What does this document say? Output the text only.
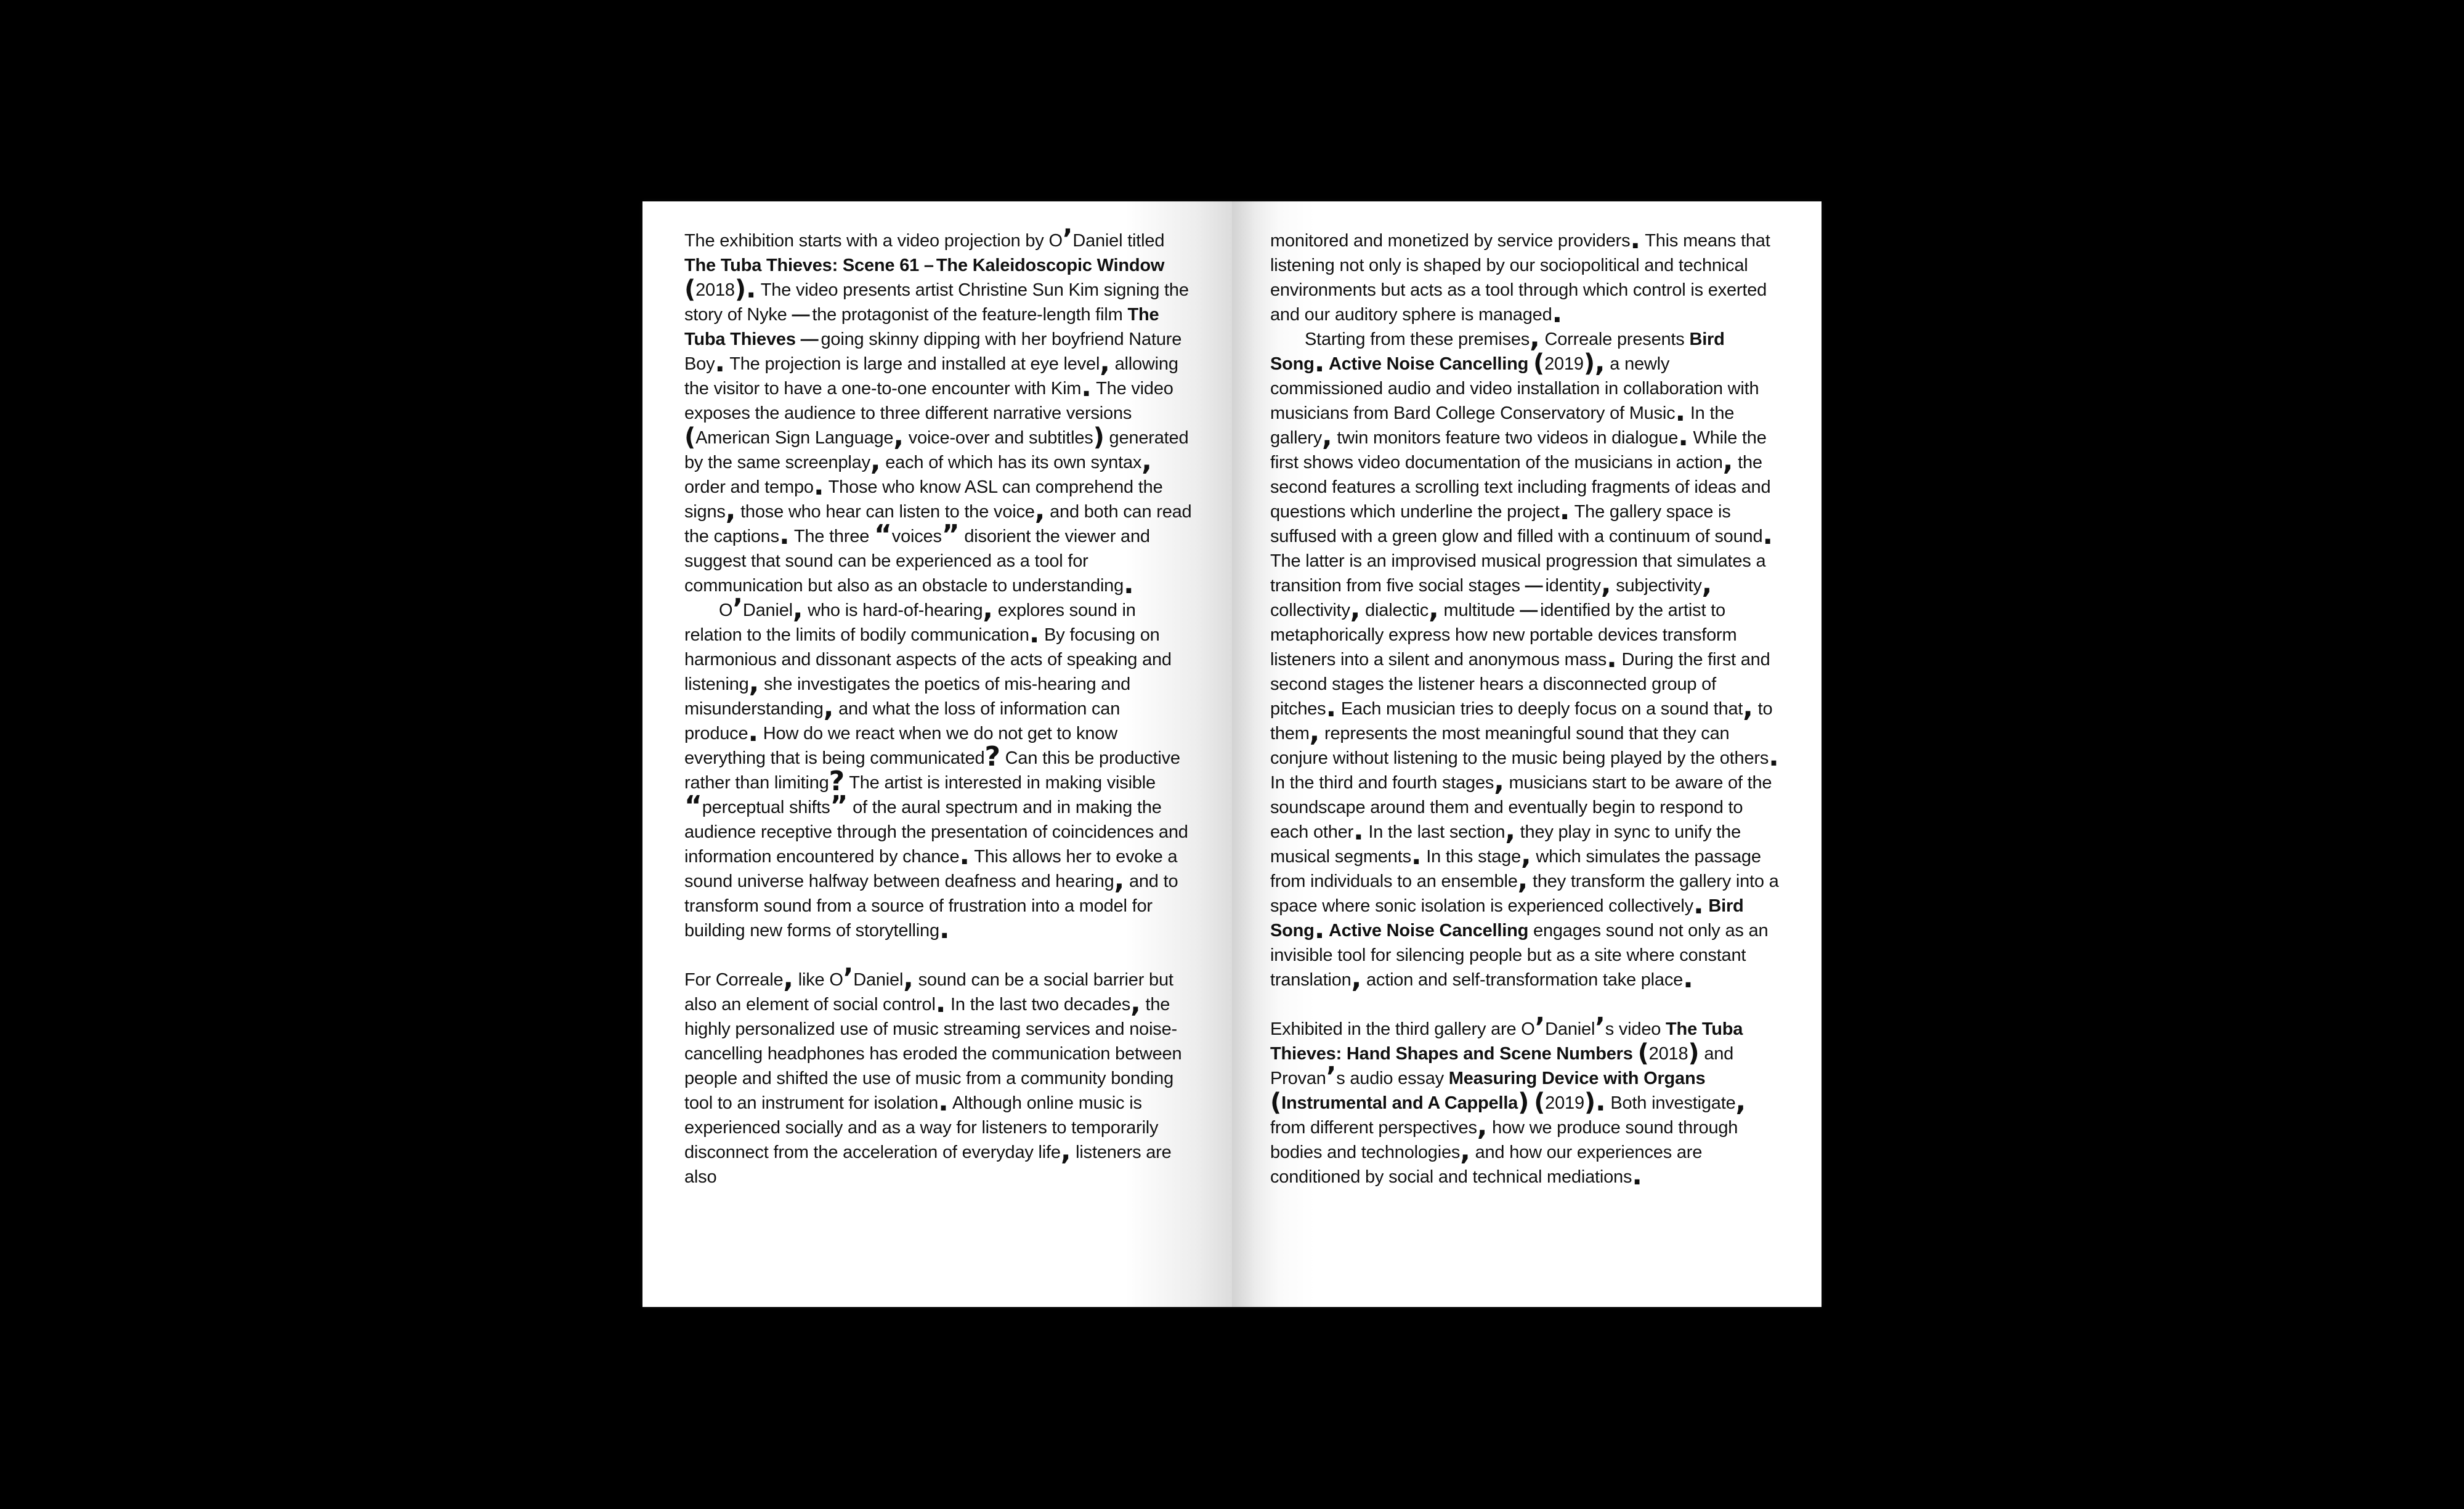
The exhibition starts with a video projection by O’Daniel titled The Tuba Thieves: Scene 61 – The Kaleidoscopic Window (2018). The video presents artist Christine Sun Kim signing the story of Nyke — the protagonist of the feature-length film The Tuba Thieves — going skinny dipping with her boyfriend Nature Boy. The projection is large and installed at eye level, allowing the visitor to have a one-to-one encounter with Kim. The video exposes the audience to three different narrative versions (American Sign Language, voice-over and subtitles) generated by the same screenplay, each of which has its own syntax, order and tempo. Those who know ASL can comprehend the signs, those who hear can listen to the voice, and both can read the captions. The three “voices” disorient the viewer and suggest that sound can be experienced as a tool for communication but also as an obstacle to understanding.

O’Daniel, who is hard-of-hearing, explores sound in relation to the limits of bodily communication. By focusing on harmonious and dissonant aspects of the acts of speaking and listening, she investigates the poetics of mis-hearing and misunderstanding, and what the loss of information can produce. How do we react when we do not get to know everything that is being communicated? Can this be productive rather than limiting? The artist is interested in making visible “perceptual shifts” of the aural spectrum and in making the audience receptive through the presentation of coincidences and information encountered by chance. This allows her to evoke a sound universe halfway between deafness and hearing, and to transform sound from a source of frustration into a model for building new forms of storytelling.

For Correale, like O’Daniel, sound can be a social barrier but also an element of social control. In the last two decades, the highly personalized use of music streaming services and noise-cancelling headphones has eroded the communication between people and shifted the use of music from a community bonding tool to an instrument for isolation. Although online music is experienced socially and as a way for listeners to temporarily disconnect from the acceleration of everyday life, listeners are also

monitored and monetized by service providers. This means that listening not only is shaped by our sociopolitical and technical environments but acts as a tool through which control is exerted and our auditory sphere is managed.

Starting from these premises, Correale presents Bird Song. Active Noise Cancelling (2019), a newly commissioned audio and video installation in collaboration with musicians from Bard College Conservatory of Music. In the gallery, twin monitors feature two videos in dialogue. While the first shows video documentation of the musicians in action, the second features a scrolling text including fragments of ideas and questions which underline the project. The gallery space is suffused with a green glow and filled with a continuum of sound. The latter is an improvised musical progression that simulates a transition from five social stages — identity, subjectivity, collectivity, dialectic, multitude — identified by the artist to metaphorically express how new portable devices transform listeners into a silent and anonymous mass. During the first and second stages the listener hears a disconnected group of pitches. Each musician tries to deeply focus on a sound that, to them, represents the most meaningful sound that they can conjure without listening to the music being played by the others. In the third and fourth stages, musicians start to be aware of the soundscape around them and eventually begin to respond to each other. In the last section, they play in sync to unify the musical segments. In this stage, which simulates the passage from individuals to an ensemble, they transform the gallery into a space where sonic isolation is experienced collectively. Bird Song. Active Noise Cancelling engages sound not only as an invisible tool for silencing people but as a site where constant translation, action and self-transformation take place.

Exhibited in the third gallery are O’Daniel’s video The Tuba Thieves: Hand Shapes and Scene Numbers (2018) and Provan’s audio essay Measuring Device with Organs (Instrumental and A Cappella) (2019). Both investigate, from different perspectives, how we produce sound through bodies and technologies, and how our experiences are conditioned by social and technical mediations.
